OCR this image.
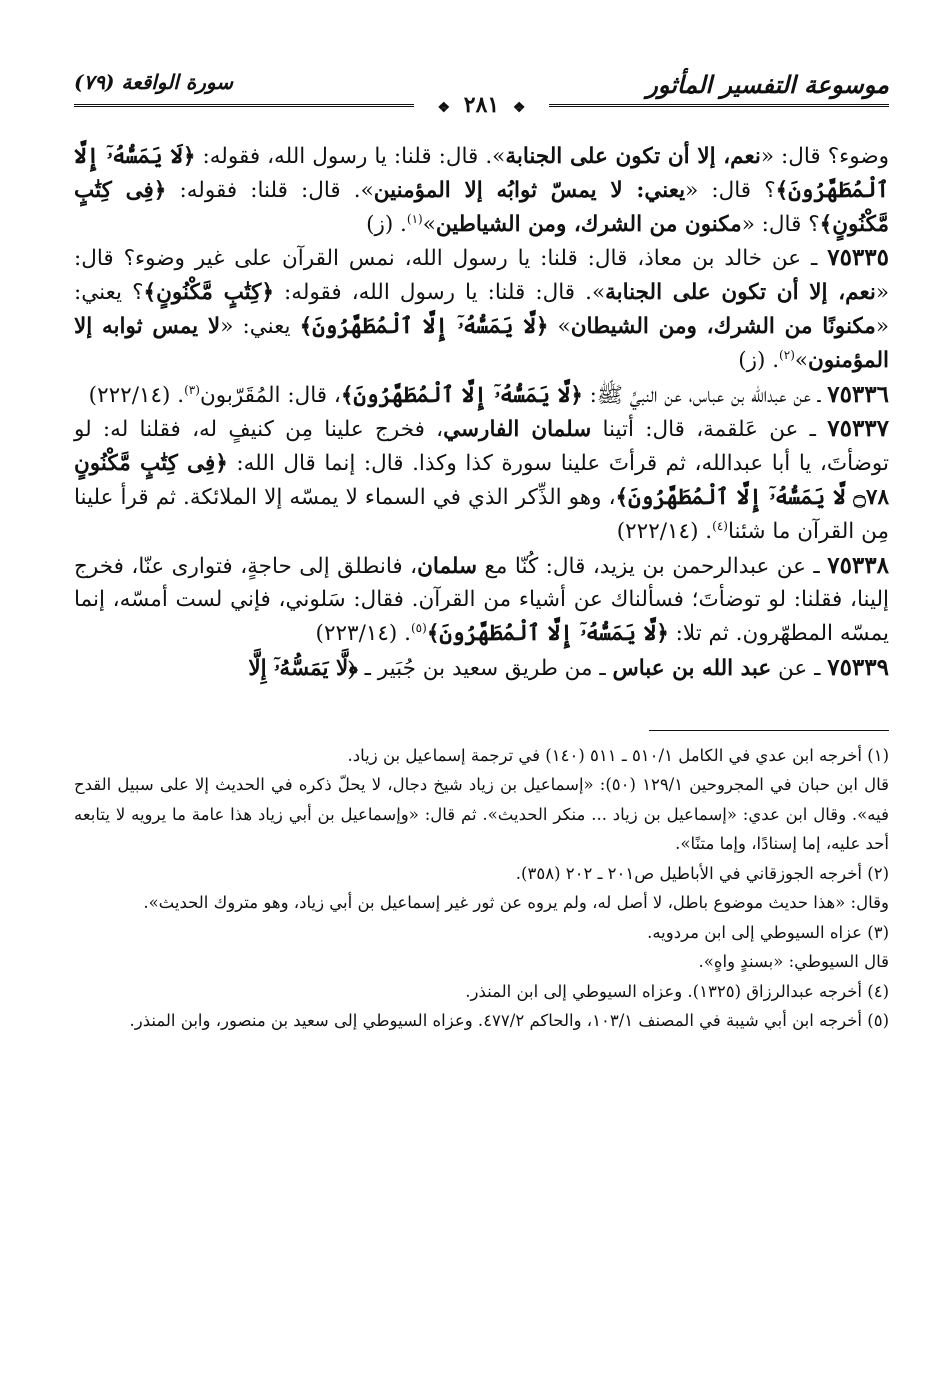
موسوعة التفسير المأثور
سورة الواقعة (٧٩)
❖ ٢٨١ ❖

وضوء؟ قال: «نعم، إلا أن تكون على الجنابة». قال: قلنا: يا رسول الله، فقوله: ﴿لَا يَمَسُّهُۥٓ إِلَّا ٱلْمُطَهَّرُونَ﴾؟ قال: «يعني: لا يمسّ ثوابُه إلا المؤمنين». قال: قلنا: فقوله: ﴿فِى كِتَٰبٍ مَّكْنُونٍ﴾؟ قال: «مكنون من الشرك، ومن الشياطين»$^{(١)}$. (ز)

٧٥٣٣٥ ـ عن خالد بن معاذ، قال: قلنا: يا رسول الله، نمس القرآن على غير وضوء؟ قال: «نعم، إلا أن تكون على الجنابة». قال: قلنا: يا رسول الله، فقوله: ﴿كِتَٰبٍ مَّكْنُونٍ﴾؟ يعني: «مكنونًا من الشرك، ومن الشيطان» ﴿لَّا يَمَسُّهُۥٓ إِلَّا ٱلْمُطَهَّرُونَ﴾ يعني: «لا يمس ثوابه إلا المؤمنون»$^{(٢)}$. (ز)

٧٥٣٣٦ ـ عن عبدالله بن عباس، عن النبيِّ ﷺ: ﴿لَّا يَمَسُّهُۥٓ إِلَّا ٱلْمُطَهَّرُونَ﴾، قال: المُقَرّبون$^{(٣)}$. (٢٢٢/١٤)

٧٥٣٣٧ ـ عن عَلقمة، قال: أتينا سلمان الفارسي، فخرج علينا مِن كنيفٍ له، فقلنا له: لو توضأتَ، يا أبا عبدالله، ثم قرأتَ علينا سورة كذا وكذا. قال: إنما قال الله: ﴿فِى كِتَٰبٍ مَّكْنُونٍ ۝٧٨ لَّا يَمَسُّهُۥٓ إِلَّا ٱلْمُطَهَّرُونَ﴾، وهو الذِّكر الذي في السماء لا يمسّه إلا الملائكة. ثم قرأ علينا مِن القرآن ما شئنا$^{(٤)}$. (٢٢٢/١٤)

٧٥٣٣٨ ـ عن عبدالرحمن بن يزيد، قال: كُنّا مع سلمان، فانطلق إلى حاجةٍ، فتوارى عنّا، فخرج إلينا، فقلنا: لو توضأتَ؛ فسألناك عن أشياء من القرآن. فقال: سَلوني، فإني لست أمسّه، إنما يمسّه المطهّرون. ثم تلا: ﴿لَّا يَمَسُّهُۥٓ إِلَّا ٱلْمُطَهَّرُونَ﴾$^{(٥)}$. (٢٢٣/١٤)

٧٥٣٣٩ ـ عن عبد الله بن عباس ـ من طريق سعيد بن جُبَير ـ ﴿لَّا يَمَسُّهُۥٓ إِلَّا

(١) أخرجه ابن عدي في الكامل ٥١٠/١ ـ ٥١١ (١٤٠) في ترجمة إسماعيل بن زياد.

قال ابن حبان في المجروحين ١٢٩/١ (٥٠): «إسماعيل بن زياد شيخ دجال، لا يحلّ ذكره في الحديث إلا على سبيل القدح فيه». وقال ابن عدي: «إسماعيل بن زياد ... منكر الحديث». ثم قال: «وإسماعيل بن أبي زياد هذا عامة ما يرويه لا يتابعه أحد عليه، إما إسنادًا، وإما متنًا».

(٢) أخرجه الجوزقاني في الأباطيل ص٢٠١ ـ ٢٠٢ (٣٥٨).

وقال: «هذا حديث موضوع باطل، لا أصل له، ولم يروه عن ثور غير إسماعيل بن أبي زياد، وهو متروك الحديث».

(٣) عزاه السيوطي إلى ابن مردويه.

قال السيوطي: «بسندٍ واهٍ».

(٤) أخرجه عبدالرزاق (١٣٢٥). وعزاه السيوطي إلى ابن المنذر.

(٥) أخرجه ابن أبي شيبة في المصنف ١٠٣/١، والحاكم ٤٧٧/٢. وعزاه السيوطي إلى سعيد بن منصور، وابن المنذر.
